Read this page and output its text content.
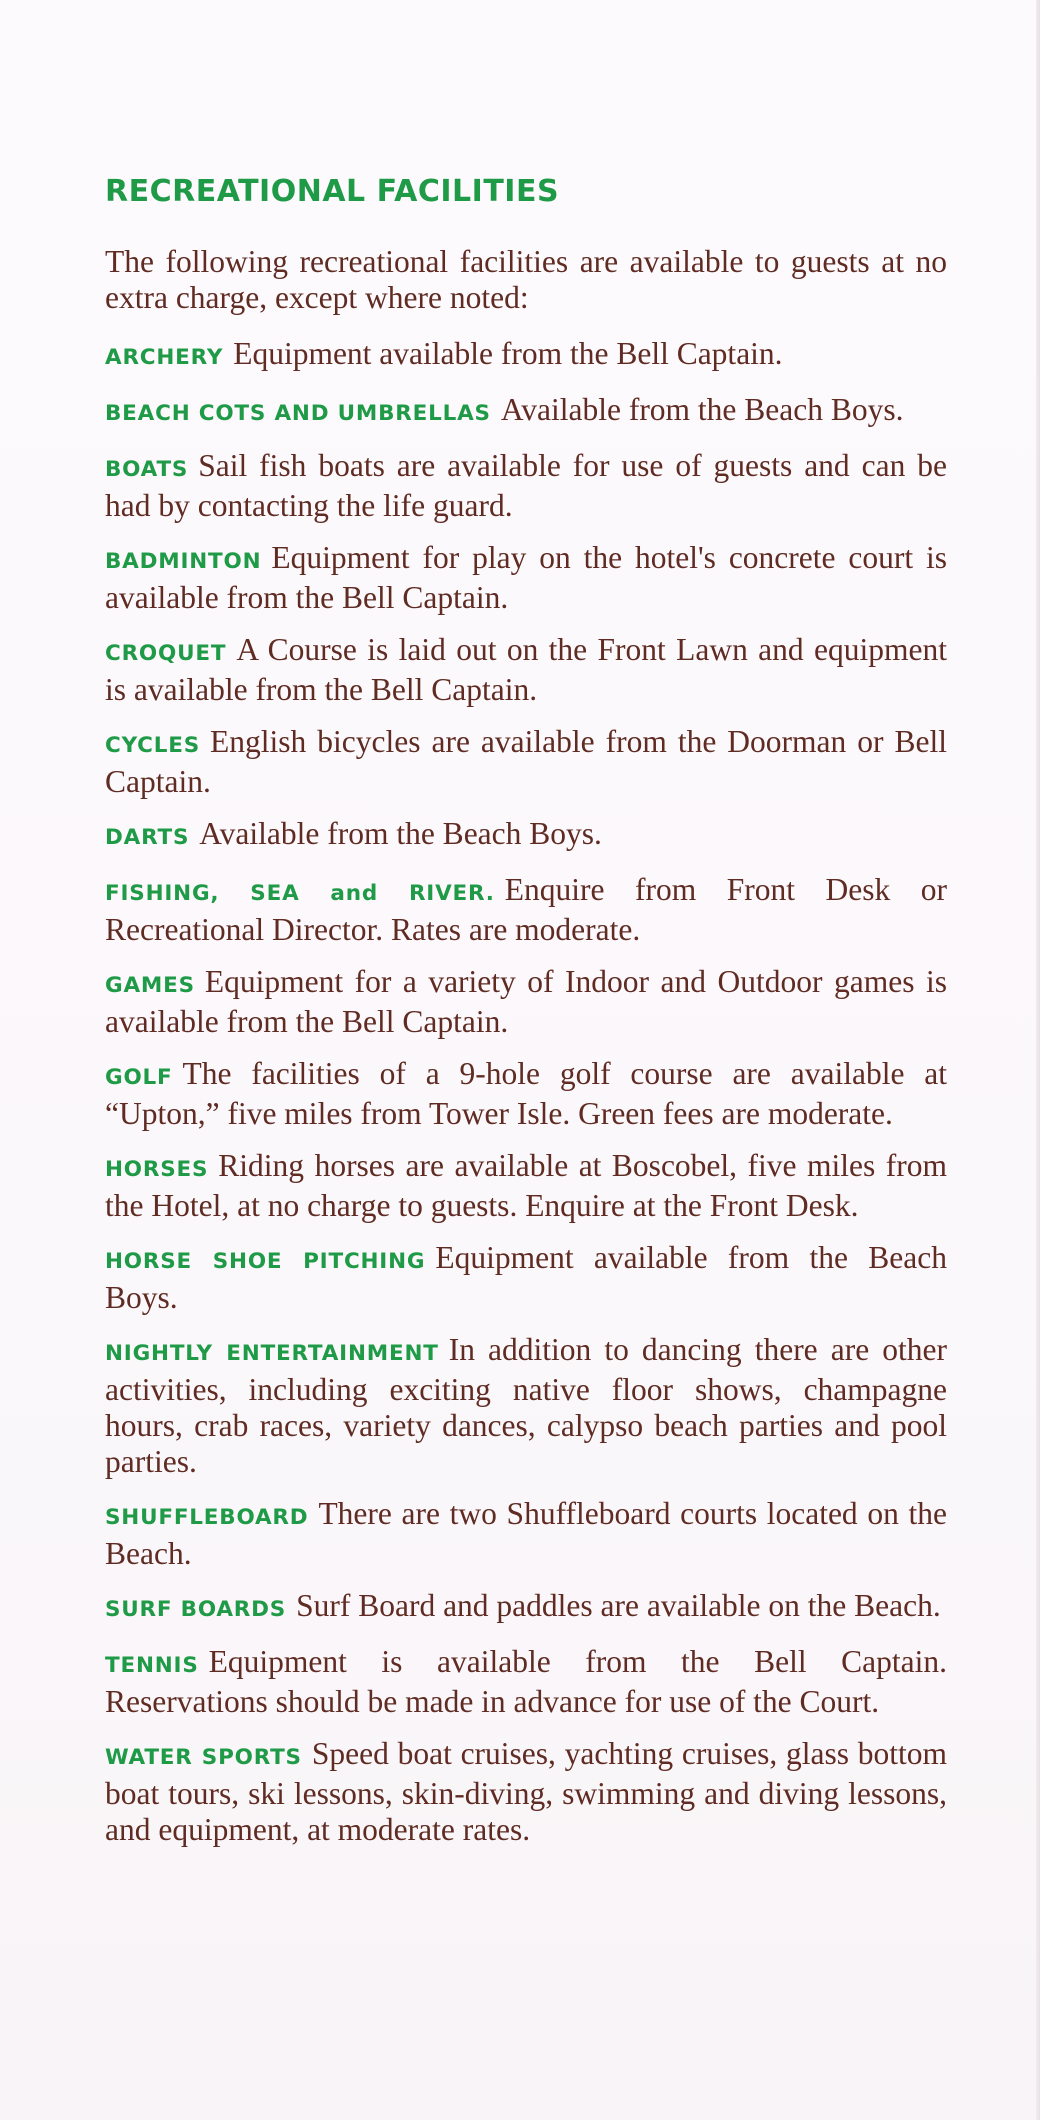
RECREATIONAL FACILITIES

The following recreational facilities are available to guests at no extra charge, except where noted:

ARCHERY Equipment available from the Bell Captain.

BEACH COTS AND UMBRELLAS Available from the Beach Boys.

BOATS Sail fish boats are available for use of guests and can be had by contacting the life guard.

BADMINTON Equipment for play on the hotel's concrete court is available from the Bell Captain.

CROQUET A Course is laid out on the Front Lawn and equipment is available from the Bell Captain.

CYCLES English bicycles are available from the Doorman or Bell Captain.

DARTS Available from the Beach Boys.

FISHING, SEA and RIVER. Enquire from Front Desk or Recreational Director. Rates are moderate.

GAMES Equipment for a variety of Indoor and Outdoor games is available from the Bell Captain.

GOLF The facilities of a 9-hole golf course are available at “Upton,” five miles from Tower Isle. Green fees are moderate.

HORSES Riding horses are available at Boscobel, five miles from the Hotel, at no charge to guests. Enquire at the Front Desk.

HORSE SHOE PITCHING Equipment available from the Beach Boys.

NIGHTLY ENTERTAINMENT In addition to dancing there are other activities, including exciting native floor shows, champagne hours, crab races, variety dances, calypso beach parties and pool parties.

SHUFFLEBOARD There are two Shuffleboard courts located on the Beach.

SURF BOARDS Surf Board and paddles are available on the Beach.

TENNIS Equipment is available from the Bell Captain. Reservations should be made in advance for use of the Court.

WATER SPORTS Speed boat cruises, yachting cruises, glass bottom boat tours, ski lessons, skin-diving, swimming and diving lessons, and equipment, at moderate rates.
